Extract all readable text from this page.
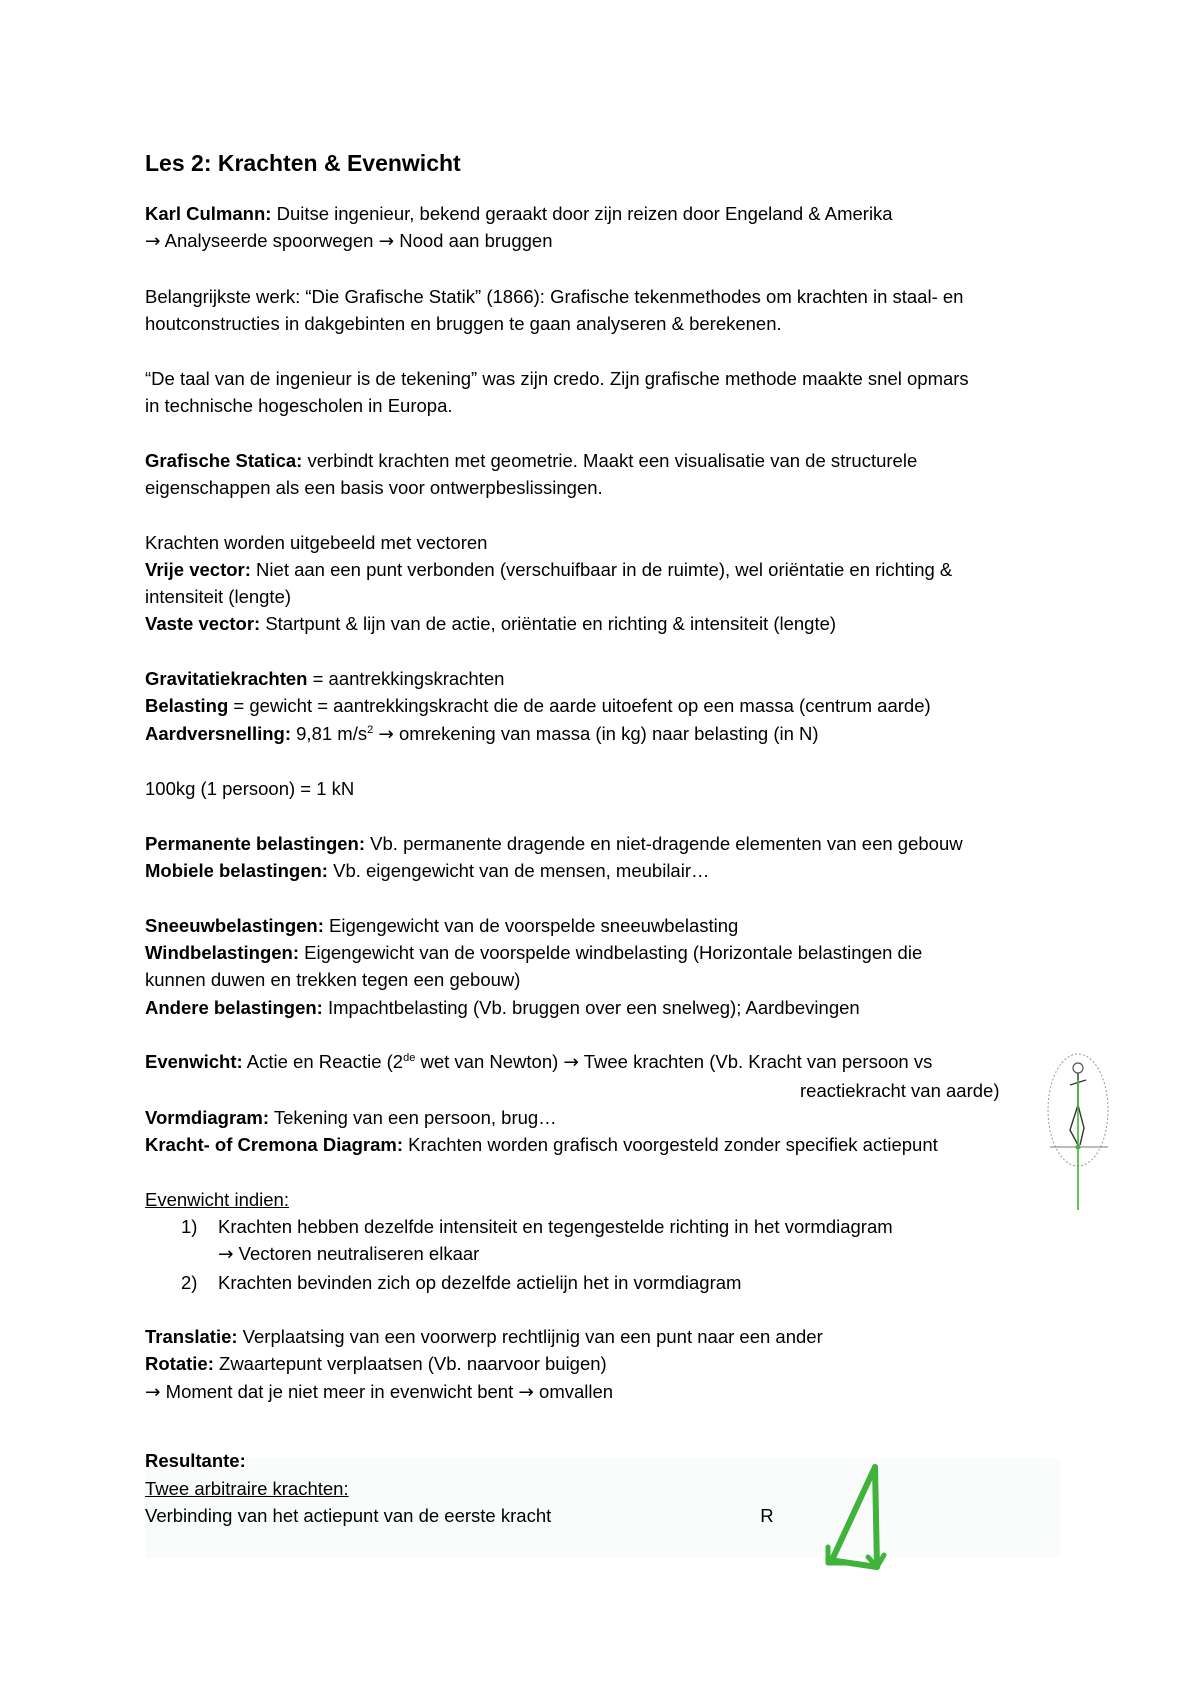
Les 2: Krachten & Evenwicht
Karl Culmann: Duitse ingenieur, bekend geraakt door zijn reizen door Engeland & Amerika
→ Analyseerde spoorwegen → Nood aan bruggen
Belangrijkste werk: “Die Grafische Statik” (1866): Grafische tekenmethodes om krachten in staal- en
houtconstructies in dakgebinten en bruggen te gaan analyseren & berekenen.
“De taal van de ingenieur is de tekening” was zijn credo. Zijn grafische methode maakte snel opmars
in technische hogescholen in Europa.
Grafische Statica: verbindt krachten met geometrie. Maakt een visualisatie van de structurele
eigenschappen als een basis voor ontwerpbeslissingen.
Krachten worden uitgebeeld met vectoren
Vrije vector: Niet aan een punt verbonden (verschuifbaar in de ruimte), wel oriëntatie en richting &
intensiteit (lengte)
Vaste vector: Startpunt & lijn van de actie, oriëntatie en richting & intensiteit (lengte)
Gravitatiekrachten = aantrekkingskrachten
Belasting = gewicht = aantrekkingskracht die de aarde uitoefent op een massa (centrum aarde)
Aardversnelling: 9,81 $m/s^2$ → omrekening van massa (in kg) naar belasting (in N)
100kg (1 persoon) = 1 kN
Permanente belastingen: Vb. permanente dragende en niet-dragende elementen van een gebouw
Mobiele belastingen: Vb. eigengewicht van de mensen, meubilair…
Sneeuwbelastingen: Eigengewicht van de voorspelde sneeuwbelasting
Windbelastingen: Eigengewicht van de voorspelde windbelasting (Horizontale belastingen die
kunnen duwen en trekken tegen een gebouw)
Andere belastingen: Impachtbelasting (Vb. bruggen over een snelweg); Aardbevingen
Evenwicht: Actie en Reactie (2de wet van Newton) → Twee krachten (Vb. Kracht van persoon vs
reactiekracht van aarde)
Vormdiagram: Tekening van een persoon, brug…
Kracht- of Cremona Diagram: Krachten worden grafisch voorgesteld zonder specifiek actiepunt
Evenwicht indien:
1) Krachten hebben dezelfde intensiteit en tegengestelde richting in het vormdiagram
→ Vectoren neutraliseren elkaar
2) Krachten bevinden zich op dezelfde actielijn het in vormdiagram
Translatie: Verplaatsing van een voorwerp rechtlijnig van een punt naar een ander
Rotatie: Zwaartepunt verplaatsen (Vb. naarvoor buigen)
→ Moment dat je niet meer in evenwicht bent → omvallen
Resultante:
Twee arbitraire krachten:
Verbinding van het actiepunt van de eerste kracht	R
